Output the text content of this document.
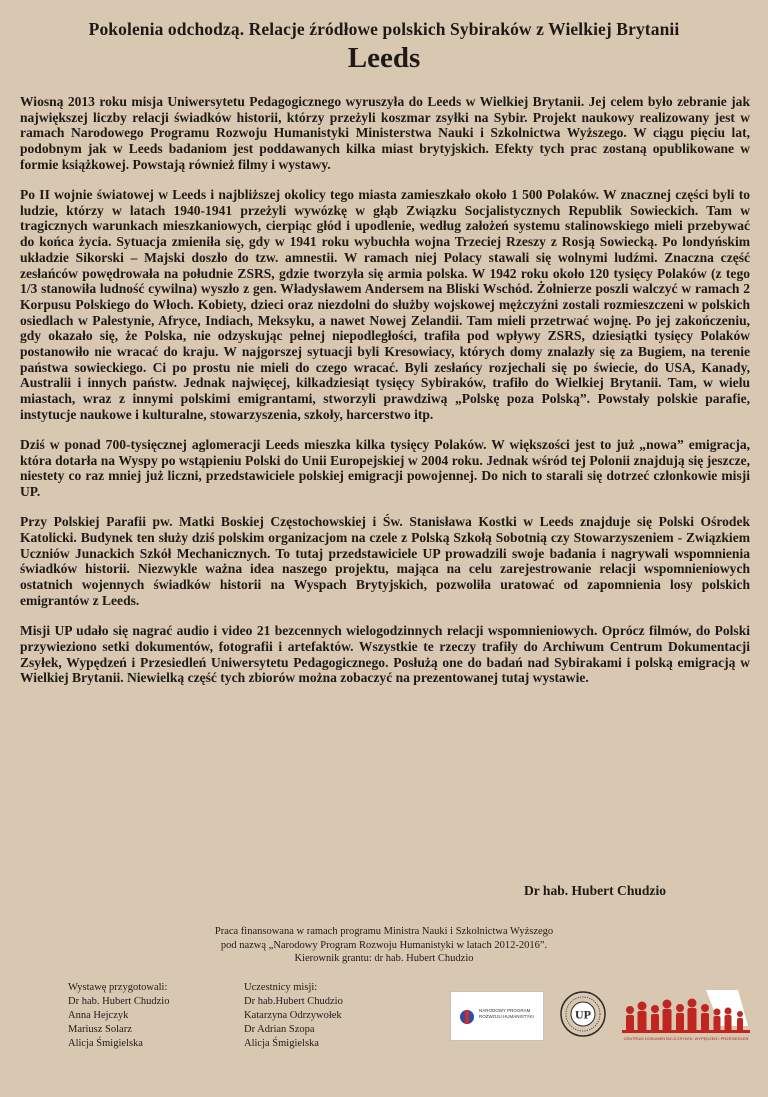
Pokolenia odchodzą. Relacje źródłowe polskich Sybiraków z Wielkiej Brytanii
Leeds

Wiosną 2013 roku misja Uniwersytetu Pedagogicznego wyruszyła do Leeds w Wielkiej Brytanii. Jej celem było zebranie jak największej liczby relacji świadków historii, którzy przeżyli koszmar zsyłki na Sybir. Projekt naukowy realizowany jest w ramach Narodowego Programu Rozwoju Humanistyki Ministerstwa Nauki i Szkolnictwa Wyższego. W ciągu pięciu lat, podobnym jak w Leeds badaniom jest poddawanych kilka miast brytyjskich. Efekty tych prac zostaną opublikowane w formie książkowej. Powstają również filmy i wystawy.

Po II wojnie światowej w Leeds i najbliższej okolicy tego miasta zamieszkało około 1 500 Polaków. W znacznej części byli to ludzie, którzy w latach 1940-1941 przeżyli wywózkę w głąb Związku Socjalistycznych Republik Sowieckich. Tam w tragicznych warunkach mieszkaniowych, cierpiąc głód i upodlenie, według założeń systemu stalinowskiego mieli przebywać do końca życia. Sytuacja zmieniła się, gdy w 1941 roku wybuchła wojna Trzeciej Rzeszy z Rosją Sowiecką. Po londyńskim układzie Sikorski – Majski doszło do tzw. amnestii. W ramach niej Polacy stawali się wolnymi ludźmi. Znaczna część zesłańców powędrowała na południe ZSRS, gdzie tworzyła się armia polska. W 1942 roku około 120 tysięcy Polaków (z tego 1/3 stanowiła ludność cywilna) wyszło z gen. Władysławem Andersem na Bliski Wschód. Żołnierze poszli walczyć w ramach 2 Korpusu Polskiego do Włoch. Kobiety, dzieci oraz niezdolni do służby wojskowej mężczyźni zostali rozmieszczeni w polskich osiedlach w Palestynie, Afryce, Indiach, Meksyku, a nawet Nowej Zelandii. Tam mieli przetrwać wojnę. Po jej zakończeniu, gdy okazało się, że Polska, nie odzyskując pełnej niepodległości, trafiła pod wpływy ZSRS, dziesiątki tysięcy Polaków postanowiło nie wracać do kraju. W najgorszej sytuacji byli Kresowiacy, których domy znalazły się za Bugiem, na terenie państwa sowieckiego. Ci po prostu nie mieli do czego wracać. Byli zesłańcy rozjechali się po świecie, do USA, Kanady, Australii i innych państw. Jednak najwięcej, kilkadziesiąt tysięcy Sybiraków, trafiło do Wielkiej Brytanii. Tam, w wielu miastach, wraz z innymi polskimi emigrantami, stworzyli prawdziwą „Polskę poza Polską”. Powstały polskie parafie, instytucje naukowe i kulturalne, stowarzyszenia, szkoły, harcerstwo itp.

Dziś w ponad 700-tysięcznej aglomeracji Leeds mieszka kilka tysięcy Polaków. W większości jest to już „nowa” emigracja, która dotarła na Wyspy po wstąpieniu Polski do Unii Europejskiej w 2004 roku. Jednak wśród tej Polonii znajdują się jeszcze, niestety co raz mniej już liczni, przedstawiciele polskiej emigracji powojennej. Do nich to starali się dotrzeć członkowie misji UP.

Przy Polskiej Parafii pw. Matki Boskiej Częstochowskiej i Św. Stanisława Kostki w Leeds znajduje się Polski Ośrodek Katolicki. Budynek ten służy dziś polskim organizacjom na czele z Polską Szkołą Sobotnią czy Stowarzyszeniem - Związkiem Uczniów Junackich Szkół Mechanicznych. To tutaj przedstawiciele UP prowadzili swoje badania i nagrywali wspomnienia świadków historii. Niezwykle ważna idea naszego projektu, mająca na celu zarejestrowanie relacji wspomnieniowych ostatnich wojennych świadków historii na Wyspach Brytyjskich, pozwoliła uratować od zapomnienia losy polskich emigrantów z Leeds.

Misji UP udało się nagrać audio i video 21 bezcennych wielogodzinnych relacji wspomnieniowych. Oprócz filmów, do Polski przywieziono setki dokumentów, fotografii i artefaktów. Wszystkie te rzeczy trafiły do Archiwum Centrum Dokumentacji Zsyłek, Wypędzeń i Przesiedleń Uniwersytetu Pedagogicznego. Posłużą one do badań nad Sybirakami i polską emigracją w Wielkiej Brytanii. Niewielką część tych zbiorów można zobaczyć na prezentowanej tutaj wystawie.

Dr hab. Hubert Chudzio
Praca finansowana w ramach programu Ministra Nauki i Szkolnictwa Wyższego
pod nazwą „Narodowy Program Rozwoju Humanistyki w latach 2012-2016”.
Kierownik grantu: dr hab. Hubert Chudzio
Wystawę przygotowali:
Dr hab. Hubert Chudzio
Anna Hejczyk
Mariusz Solarz
Alicja Śmigielska
Uczestnicy misji:
Dr hab.Hubert Chudzio
Katarzyna Odrzywołek
Dr Adrian Szopa
Alicja Śmigielska
NARODOWY PROGRAM ROZWOJU HUMANISTYKI	UP
CENTRUM DOKUMENTACJI ZSYŁEK, WYPĘDZEŃ I PRZESIEDLEŃ
